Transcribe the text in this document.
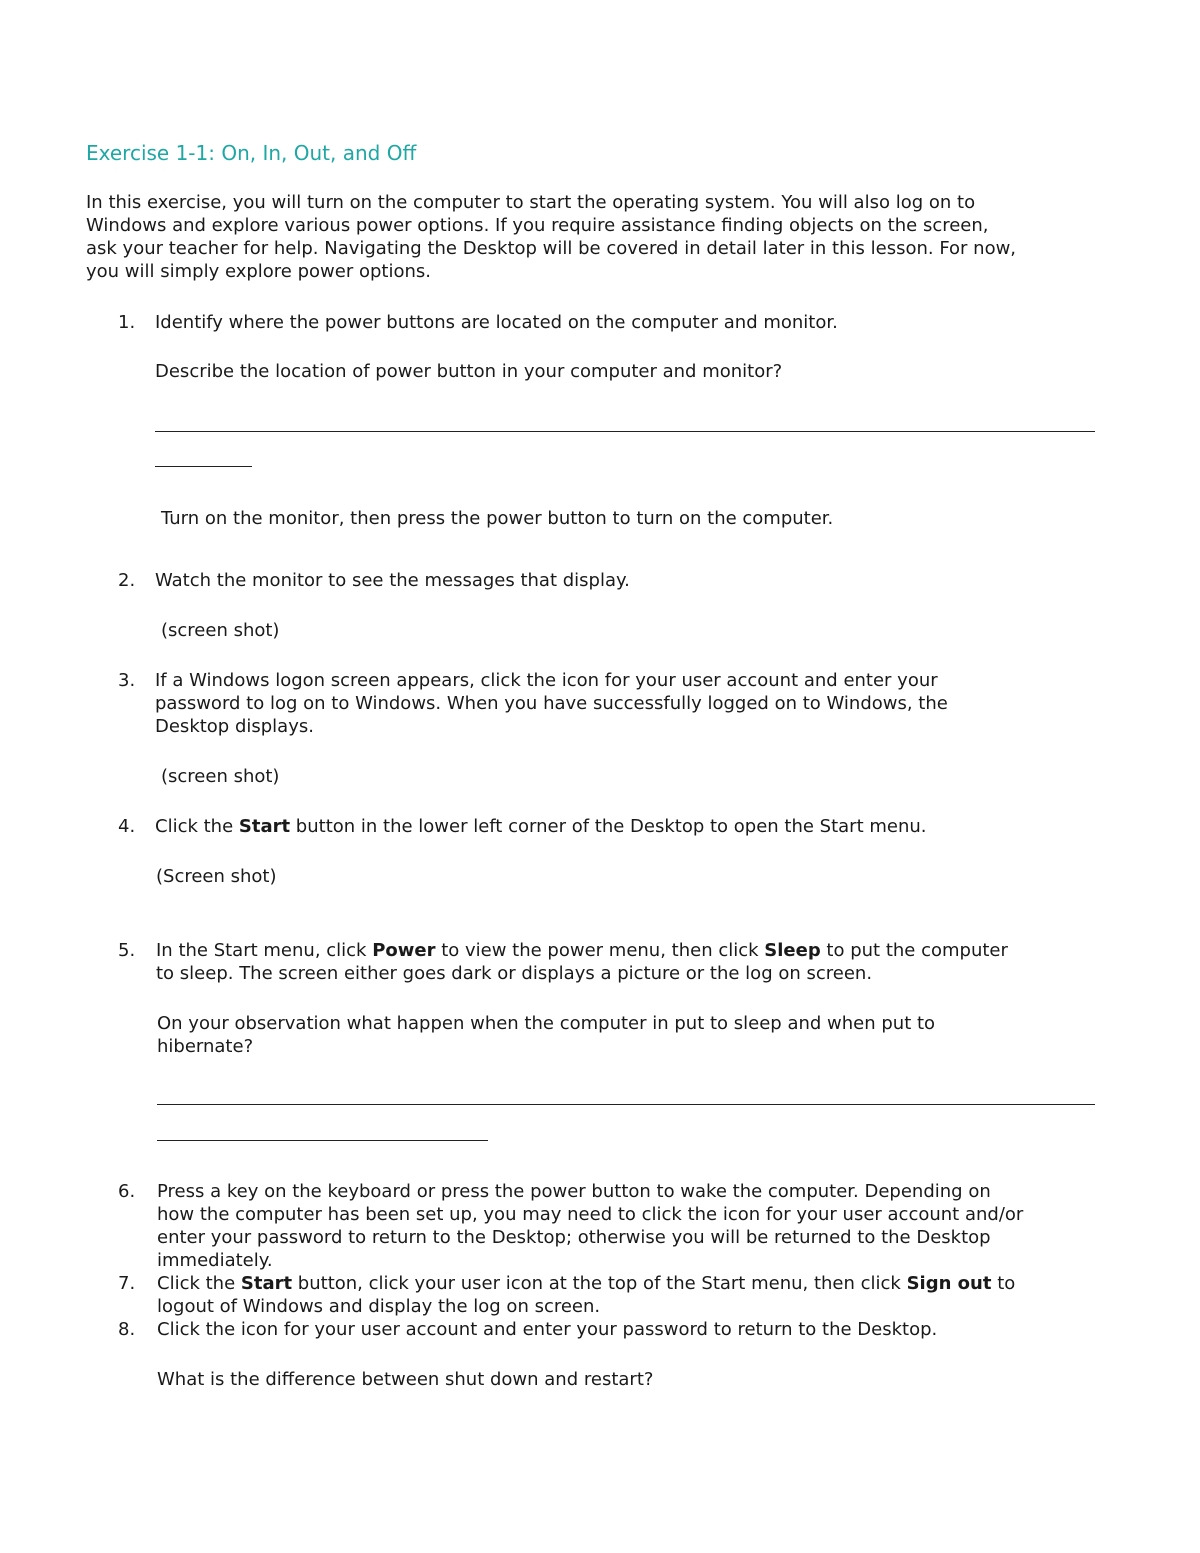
Exercise 1-1: On, In, Out, and Off
In this exercise, you will turn on the computer to start the operating system. You will also log on to
Windows and explore various power options. If you require assistance finding objects on the screen,
ask your teacher for help. Navigating the Desktop will be covered in detail later in this lesson. For now,
you will simply explore power options.
1. Identify where the power buttons are located on the computer and monitor.
Describe the location of power button in your computer and monitor?
Turn on the monitor, then press the power button to turn on the computer.
2. Watch the monitor to see the messages that display.
(screen shot)
3. If a Windows logon screen appears, click the icon for your user account and enter your
password to log on to Windows. When you have successfully logged on to Windows, the
Desktop displays.
(screen shot)
4. Click the Start button in the lower left corner of the Desktop to open the Start menu.
(Screen shot)
5. In the Start menu, click Power to view the power menu, then click Sleep to put the computer
to sleep. The screen either goes dark or displays a picture or the log on screen.
On your observation what happen when the computer in put to sleep and when put to
hibernate?
6. Press a key on the keyboard or press the power button to wake the computer. Depending on
how the computer has been set up, you may need to click the icon for your user account and/or
enter your password to return to the Desktop; otherwise you will be returned to the Desktop
immediately.
7. Click the Start button, click your user icon at the top of the Start menu, then click Sign out to
logout of Windows and display the log on screen.
8. Click the icon for your user account and enter your password to return to the Desktop.
What is the difference between shut down and restart?
